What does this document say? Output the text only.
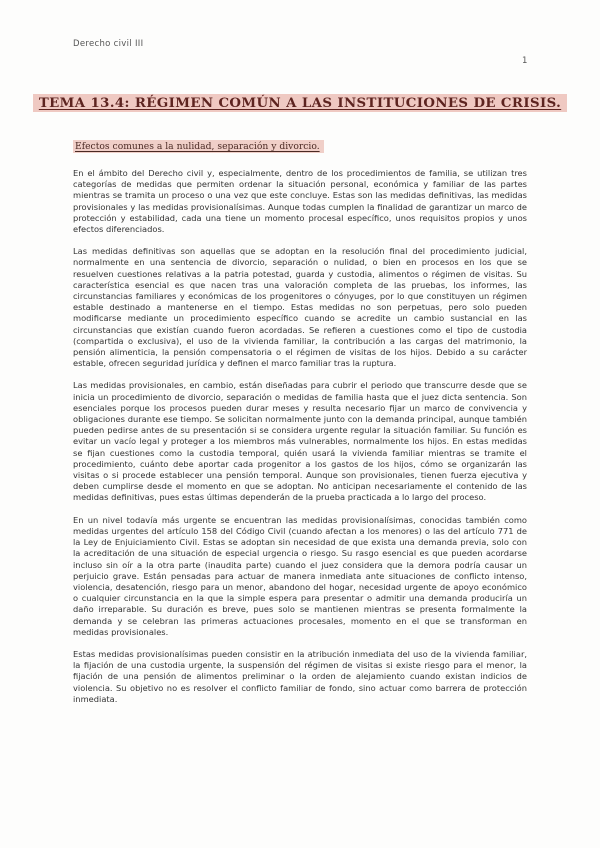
Derecho civil III
1
TEMA 13.4: RÉGIMEN COMÚN A LAS INSTITUCIONES DE CRISIS.
Efectos comunes a la nulidad, separación y divorcio.

En el ámbito del Derecho civil y, especialmente, dentro de los procedimientos de familia, se utilizan tres categorías de medidas que permiten ordenar la situación personal, económica y familiar de las partes mientras se tramita un proceso o una vez que este concluye. Estas son las medidas definitivas, las medidas provisionales y las medidas provisionalísimas. Aunque todas cumplen la finalidad de garantizar un marco de protección y estabilidad, cada una tiene un momento procesal específico, unos requisitos propios y unos efectos diferenciados.

Las medidas definitivas son aquellas que se adoptan en la resolución final del procedimiento judicial, normalmente en una sentencia de divorcio, separación o nulidad, o bien en procesos en los que se resuelven cuestiones relativas a la patria potestad, guarda y custodia, alimentos o régimen de visitas. Su característica esencial es que nacen tras una valoración completa de las pruebas, los informes, las circunstancias familiares y económicas de los progenitores o cónyuges, por lo que constituyen un régimen estable destinado a mantenerse en el tiempo. Estas medidas no son perpetuas, pero solo pueden modificarse mediante un procedimiento específico cuando se acredite un cambio sustancial en las circunstancias que existían cuando fueron acordadas. Se refieren a cuestiones como el tipo de custodia (compartida o exclusiva), el uso de la vivienda familiar, la contribución a las cargas del matrimonio, la pensión alimenticia, la pensión compensatoria o el régimen de visitas de los hijos. Debido a su carácter estable, ofrecen seguridad jurídica y definen el marco familiar tras la ruptura.

Las medidas provisionales, en cambio, están diseñadas para cubrir el periodo que transcurre desde que se inicia un procedimiento de divorcio, separación o medidas de familia hasta que el juez dicta sentencia. Son esenciales porque los procesos pueden durar meses y resulta necesario fijar un marco de convivencia y obligaciones durante ese tiempo. Se solicitan normalmente junto con la demanda principal, aunque también pueden pedirse antes de su presentación si se considera urgente regular la situación familiar. Su función es evitar un vacío legal y proteger a los miembros más vulnerables, normalmente los hijos. En estas medidas se fijan cuestiones como la custodia temporal, quién usará la vivienda familiar mientras se tramite el procedimiento, cuánto debe aportar cada progenitor a los gastos de los hijos, cómo se organizarán las visitas o si procede establecer una pensión temporal. Aunque son provisionales, tienen fuerza ejecutiva y deben cumplirse desde el momento en que se adoptan. No anticipan necesariamente el contenido de las medidas definitivas, pues estas últimas dependerán de la prueba practicada a lo largo del proceso.

En un nivel todavía más urgente se encuentran las medidas provisionalísimas, conocidas también como medidas urgentes del artículo 158 del Código Civil (cuando afectan a los menores) o las del artículo 771 de la Ley de Enjuiciamiento Civil. Estas se adoptan sin necesidad de que exista una demanda previa, solo con la acreditación de una situación de especial urgencia o riesgo. Su rasgo esencial es que pueden acordarse incluso sin oír a la otra parte (inaudita parte) cuando el juez considera que la demora podría causar un perjuicio grave. Están pensadas para actuar de manera inmediata ante situaciones de conflicto intenso, violencia, desatención, riesgo para un menor, abandono del hogar, necesidad urgente de apoyo económico o cualquier circunstancia en la que la simple espera para presentar o admitir una demanda produciría un daño irreparable. Su duración es breve, pues solo se mantienen mientras se presenta formalmente la demanda y se celebran las primeras actuaciones procesales, momento en el que se transforman en medidas provisionales.

Estas medidas provisionalísimas pueden consistir en la atribución inmediata del uso de la vivienda familiar, la fijación de una custodia urgente, la suspensión del régimen de visitas si existe riesgo para el menor, la fijación de una pensión de alimentos preliminar o la orden de alejamiento cuando existan indicios de violencia. Su objetivo no es resolver el conflicto familiar de fondo, sino actuar como barrera de protección inmediata.
